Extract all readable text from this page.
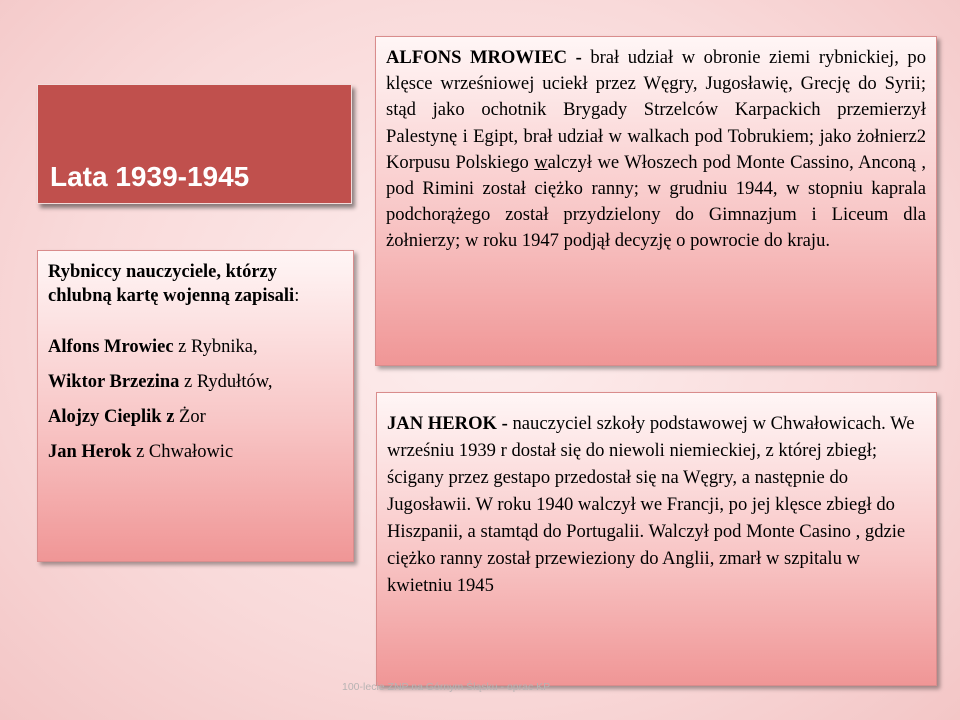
Lata 1939-1945

Rybniccy nauczyciele, którzy chlubną kartę wojenną zapisali:

Alfons Mrowiec z Rybnika,
Wiktor Brzezina z Rydułtów,
Alojzy Cieplik z Żor
Jan Herok z Chwałowic
ALFONS MROWIEC - brał udział w obronie ziemi rybnickiej, po klęsce wrześniowej uciekł przez Węgry, Jugosławię, Grecję do Syrii; stąd jako ochotnik Brygady Strzelców Karpackich przemierzył Palestynę i Egipt, brał udział w walkach pod Tobrukiem; jako żołnierz2 Korpusu Polskiego walczył we Włoszech pod Monte Cassino, Anconą , pod Rimini został ciężko ranny; w grudniu 1944, w stopniu kaprala podchorążego został przydzielony do Gimnazjum i Liceum dla żołnierzy; w roku 1947 podjął decyzję o powrocie do kraju.
JAN HEROK - nauczyciel szkoły podstawowej w Chwałowicach. We wrześniu 1939 r dostał się do niewoli niemieckiej, z której zbiegł; ścigany przez gestapo przedostał się na Węgry, a następnie do Jugosławii. W roku 1940 walczył we Francji, po jej klęsce zbiegł do Hiszpanii, a stamtąd do Portugalii. Walczył pod Monte Casino , gdzie ciężko ranny został przewieziony do Anglii, zmarł w szpitalu w kwietniu 1945
100-lecie ZNP na Górnym Śląsku - oprac KP
